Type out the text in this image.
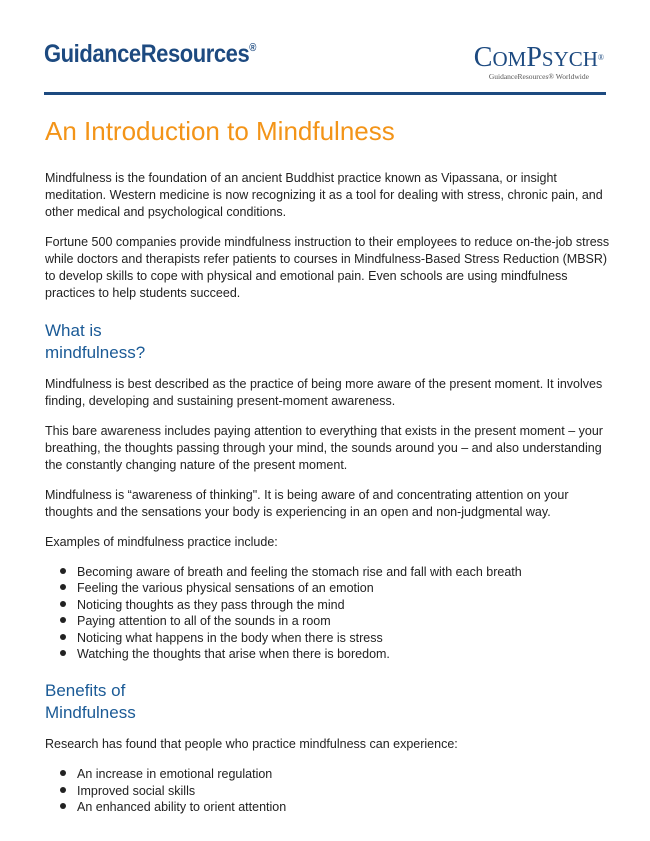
GuidanceResources®	COMPSYCH®
GuidanceResources® Worldwide
An Introduction to Mindfulness

Mindfulness is the foundation of an ancient Buddhist practice known as Vipassana, or insight meditation. Western medicine is now recognizing it as a tool for dealing with stress, chronic pain, and other medical and psychological conditions.

Fortune 500 companies provide mindfulness instruction to their employees to reduce on-the-job stress while doctors and therapists refer patients to courses in Mindfulness-Based Stress Reduction (MBSR) to develop skills to cope with physical and emotional pain. Even schools are using mindfulness practices to help students succeed.

What is mindfulness?

Mindfulness is best described as the practice of being more aware of the present moment. It involves finding, developing and sustaining present-moment awareness.

This bare awareness includes paying attention to everything that exists in the present moment – your breathing, the thoughts passing through your mind, the sounds around you – and also understanding the constantly changing nature of the present moment.

Mindfulness is “awareness of thinking". It is being aware of and concentrating attention on your thoughts and the sensations your body is experiencing in an open and non-judgmental way.

Examples of mindfulness practice include:

Becoming aware of breath and feeling the stomach rise and fall with each breath
Feeling the various physical sensations of an emotion
Noticing thoughts as they pass through the mind
Paying attention to all of the sounds in a room
Noticing what happens in the body when there is stress
Watching the thoughts that arise when there is boredom.
Benefits of Mindfulness

Research has found that people who practice mindfulness can experience:

An increase in emotional regulation
Improved social skills
An enhanced ability to orient attention
